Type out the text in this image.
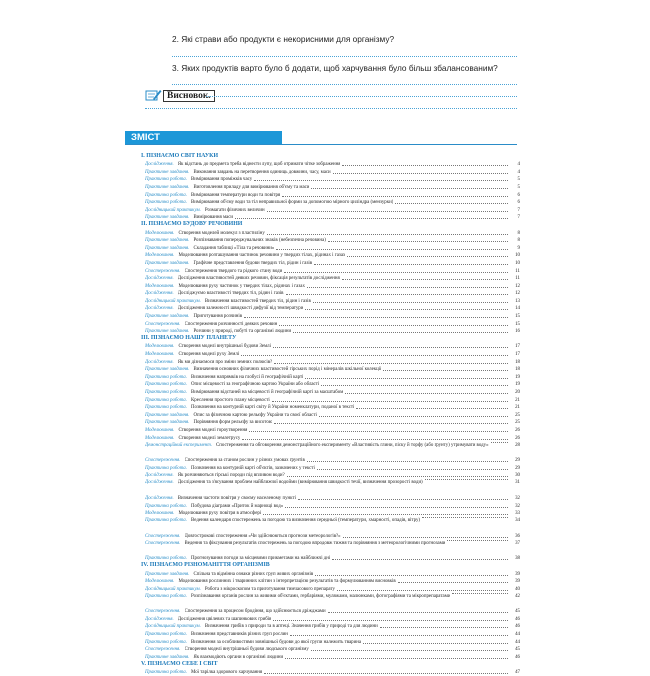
2. Які страви або продукти є некорисними для організму?
3. Яких продуктів варто було б додати, щоб харчування було більш збалансованим?
Висновок.
ЗМІСТ
I. ПІЗНАЄМО СВІТ НАУКИ
Дослідження. Як відстань до предмета треба віднести лупу, щоб отримати чітке зображення	4
Практичне завдання. Виконання завдань на перетворення одиниць довжини, часу, маси	4
Практична робота. Вимірювання проміжків часу	5
Практичне завдання. Виготовлення приладу для вимірювання об'єму та маси	5
Практична робота. Вимірювання температури води та повітря	6
Практична робота. Вимірювання об'єму води та тіл неправильної форми за допомогою мірного циліндра (мензурки)	6
Дослідницький практикум. Розмагати фізичних величин	7
Практичне завдання. Вимірювання маси	7
II. ПІЗНАЄМО БУДОВУ РЕЧОВИНИ
Моделювання. Створення моделей молекул з пластиліну	8
Практичне завдання. Розпізнавання попереджувальних знаків (небезпечна речовина)	8
Практичне завдання. Складання таблиці «Тіла та речовини»	9
Моделювання. Моделювання розташування частинок речовини у твердих тілах, рідинах і газах	10
Практичне завдання. Графічне представлення будови твердих тіл, рідин і газів	10
Спостереження. Спостереження твердого та рідкого стану води	11
Дослідження. Дослідження властивостей деяких речовин, фіксація результатів дослідження	11
Моделювання. Моделювання руху частинок у твердих тілах, рідинах і газах	12
Дослідження. Досліджуємо властивості твердих тіл, рідин і газів	12
Дослідницький практикум. Визначення властивостей твердих тіл, рідин і газів	13
Дослідження. Дослідження залежності швидкості дифузії від температури	14
Практичне завдання. Приготування розчинів	15
Спостереження. Спостереження розчинності деяких речовин	15
Практичне завдання. Розчини у природі, побуті та організмі людини	16
III. ПІЗНАЄМО НАШУ ПЛАНЕТУ
Моделювання. Створення моделі внутрішньої будови Землі	17
Моделювання. Створення моделі руху Землі	17
Дослідження. Як ми дізнаємося про зміни земних полюсів?	18
Практичне завдання. Визначення основних фізичних властивостей гірських порід і мінералів шкільної колекції	18
Практична робота. Визначення напрямків на глобусі й географічній карті	19
Практична робота. Опис місцевості за географічною картою України або області	19
Практична робота. Вимірювання відстаней на місцевості й географічній карті за масштабом	20
Практична робота. Креслення простого плану місцевості	21
Практична робота. Позначення на контурній карті світу й України номенклатури, поданої в тексті	21
Практичне завдання. Опис за фізичною картою рельєфу України та своєї області	25
Практичне завдання. Порівняння форм рельєфу за висотою	25
Моделювання. Створення моделі гороутворення	26
Моделювання. Створення моделі землетрусу	26
Демонстраційний експеримент. Спостереження та обговорення демонстраційного експерименту «Властивість глини, піску й торфу (або ґрунту) утримувати воду»	28
Спостереження. Спостереження за станом рослин у різних умовах ґрунтів	29
Практична робота. Позначення на контурній карті об'єктів, зазначених у тексті	29
Дослідження. Як розчиняються гірські породи під впливом води?	30
Дослідження. Дослідження та з'ясування проблем найближчої водойми (вимірювання швидкості течії, визначення прозорості води)	31
Дослідження. Визначення частоти повітря у своєму населеному пункті	32
Практична робота. Побудова діаграми «Приток й марнощі вод»	32
Моделювання. Моделювання руху повітря в атмосфері	33
Практична робота. Ведення календаря спостережень за погодою та визначення середньої (температури, хмарності, опадів, вітру)	34
Спостереження. Довгострокові спостереження «Чи здійснюються прогнози метеорологів?»	36
Спостереження. Ведення та фіксування результатів спостережень за погодою впродовж тижня та порівняння з метеорологічними прогнозами	37
Практична робота. Прогнозування погоди за місцевими прикметами на найближчі дні	38
IV. ПІЗНАЄМО РІЗНОМАНІТТЯ ОРГАНІЗМІВ
Практичне завдання. Спільна та відмінна ознаки різних груп живих організмів	39
Моделювання. Моделювання рослинних і тваринних клітин з інтерпретацією результатів та формулюванням висновків	39
Дослідницький практикум. Робота з мікроскопом та приготування тимчасового препарату	40
Практична робота. Розпізнавання органів рослин за живими об'єктами, гербаріями, муляжами, малюнками, фотографіями та мікропрепаратами	42
Спостереження. Спостереження за процесом бродіння, що здійснюється дріжджами	45
Дослідження. Дослідження цвілевих та шапинкових грибів	46
Дослідницький практикум. Визначення грибів з природи та в аптеці. Значення грибів у природі та для людини	46
Практична робота. Визначення представників різних груп рослин	44
Практична робота. Визначення за особливостями зовнішньої будови до якої групи належить тварина	44
Спостереження. Створення моделі внутрішньої будови людського організму	45
Практичне завдання. Як взаємодіють органи в організмі людини	46
V. ПІЗНАЄМО СЕБЕ І СВІТ
Практична робота. Мої тарілка здорового харчування	47
